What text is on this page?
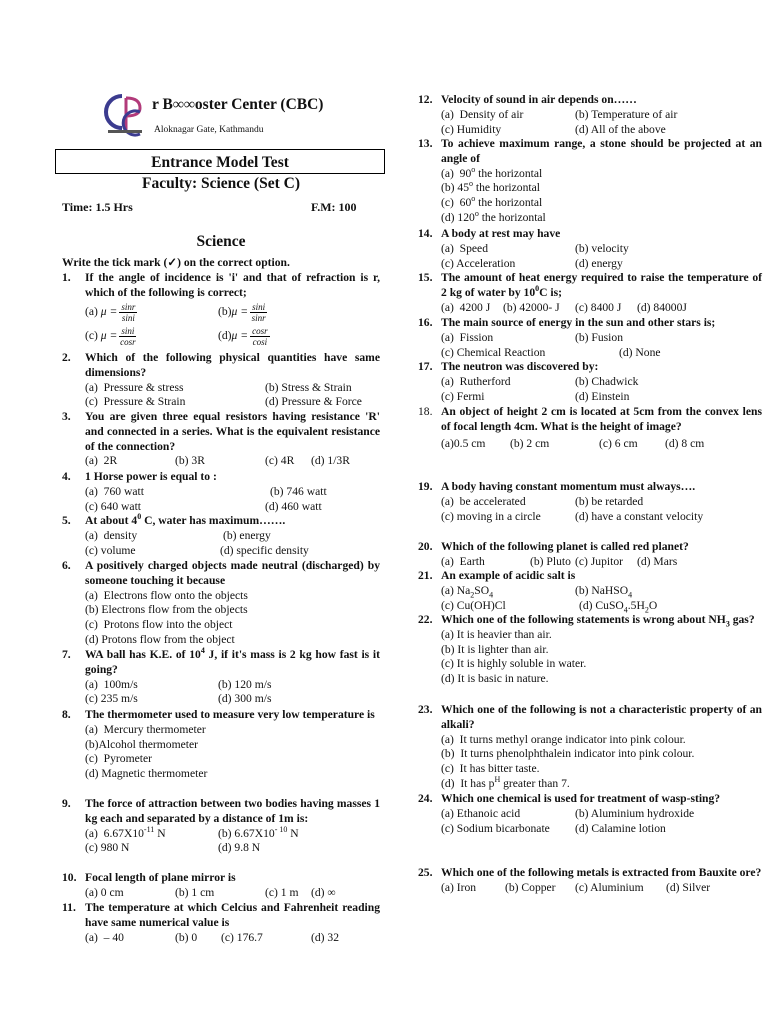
r B∞∞oster Center (CBC)
Aloknagar Gate, Kathmandu
Entrance Model Test
Faculty: Science (Set C)
Time: 1.5 Hrs	F.M: 100
Science
Write the tick mark (✓) on the correct option.
1. If the angle of incidence is 'i' and that of refraction is r, which of the following is correct;
(a) $\mu = \frac{\sin r}{\sin i}$	$(b)\mu = \frac{\sin i}{\sin r}$
(c) $\mu = \frac{\sin i}{\cos r}$	$(d)\mu = \frac{\cos r}{\cos i}$
2. Which of the following physical quantities have same dimensions?
(a)  Pressure & stress	(b) Stress & Strain
(c)  Pressure & Strain	(d) Pressure & Force
3. You are given three equal resistors having resistance 'R' and connected in a series. What is the equivalent resistance of the connection?
(a)  2R	(b) 3R	(c) 4R	(d) 1/3R
4. 1 Horse power is equal to :
(a)  760 watt	(b) 746 watt
(c) 640 watt	(d) 460 watt
5. At about $4^0$ C, water has maximum…….
(a)  density	(b) energy
(c) volume	(d) specific density
6. A positively charged objects made neutral (discharged) by someone touching it because
(a)  Electrons flow onto the objects
(b) Electrons flow from the objects
(c)  Protons flow into the object
(d) Protons flow from the object
7. WA ball has K.E. of $10^4$ J, if it's mass is 2 kg how fast is it going?
(a)  100m/s	(b) 120 m/s
(c) 235 m/s	(d) 300 m/s
8. The thermometer used to measure very low temperature is
(a)  Mercury thermometer
(b)Alcohol thermometer
(c)  Pyrometer
(d) Magnetic thermometer
9. The force of attraction between two bodies having masses 1 kg each and separated by a distance of 1m is:
(a)  $6.67X10^{-11}$ N	(b) $6.67X10^{- 10}$ N
(c) 980 N	(d) 9.8 N
10. Focal length of plane mirror is
(a) 0 cm	(b) 1 cm	(c) 1 m	(d) ∞
11. The temperature at which Celcius and Fahrenheit reading have same numerical value is
(a)  – 40	(b) 0	(c) 176.7	(d) 32
12. Velocity of sound in air depends on……
(a)  Density of air	(b) Temperature of air
(c) Humidity	(d) All of the above
13. To achieve maximum range, a stone should be projected at an angle of
(a)  90$^o$ the horizontal
(b) 45$^o$ the horizontal
(c)  60$^o$ the horizontal
(d) 120$^o$ the horizontal
14. A body at rest may have
(a)  Speed	(b) velocity
(c) Acceleration	(d) energy
15. The amount of heat energy required to raise the temperature of 2 kg of water by $10^0C$ is;
(a)  4200 J	(b) 42000- J	(c) 8400 J	(d) 84000J
16. The main source of energy in the sun and other stars is;
(a)  Fission	(b) Fusion
(c) Chemical Reaction	(d) None
17. The neutron was discovered by:
(a)  Rutherford	(b) Chadwick
(c) Fermi	(d) Einstein
18. An object of height 2 cm is located at 5cm from the convex lens of focal length 4cm. What is the height of image?
(a)0.5 cm	(b) 2 cm	(c) 6 cm	(d) 8 cm
19. A body having constant momentum must always….
(a)  be accelerated	(b) be retarded
(c) moving in a circle	(d) have a constant velocity
20. Which of the following planet is called red planet?
(a)  Earth	(b) Pluto (c) Jupitor	(d) Mars
21. An example of acidic salt is
(a) $Na_2SO_4$	(b) NaHSO$_4$
(c) Cu(OH)Cl	(d) $CuSO_4.5H_2O$
22. Which one of the following statements is wrong about $NH_3$ gas?
(a) It is heavier than air.
(b) It is lighter than air.
(c) It is highly soluble in water.
(d) It is basic in nature.
23. Which one of the following is not a characteristic property of an alkali?
(a)  It turns methyl orange indicator into pink colour.
(b)  It turns phenolphthalein indicator into pink colour.
(c)  It has bitter taste.
(d)  It has $p^H$ greater than 7.
24. Which one chemical is used for treatment of wasp-sting?
(a) Ethanoic acid	(b) Aluminium hydroxide
(c) Sodium bicarbonate	(d) Calamine lotion
25. Which one of the following metals is extracted from Bauxite ore?
(a) Iron	(b) Copper	(c) Aluminium	(d) Silver
